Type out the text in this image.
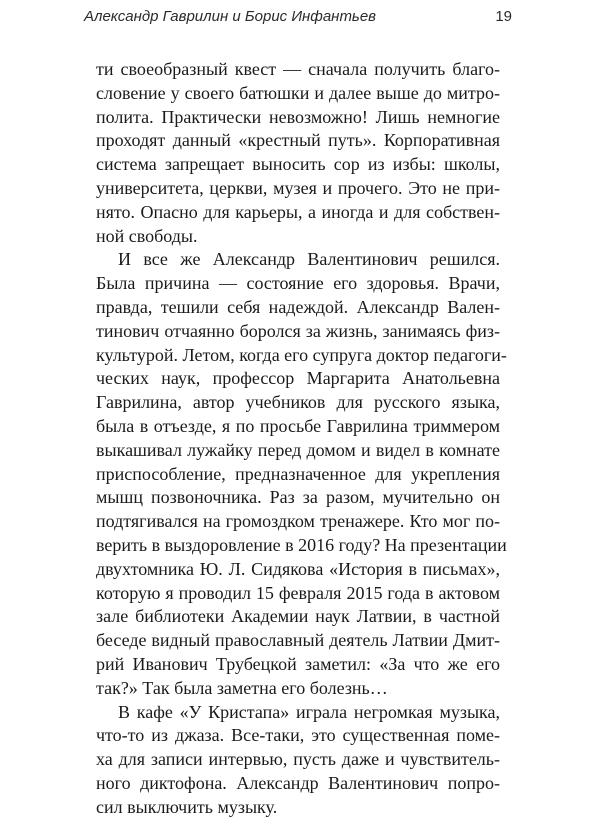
Александр Гаврилин и Борис Инфантьев	19
ти своеобразный квест — сначала получить благо-
словение у своего батюшки и далее выше до митро-
полита. Практически невозможно! Лишь немногие
проходят данный «крестный путь». Корпоративная
система запрещает выносить сор из избы: школы,
университета, церкви, музея и прочего. Это не при-
нято. Опасно для карьеры, а иногда и для собствен-
ной свободы.
И все же Александр Валентинович решился.
Была причина — состояние его здоровья. Врачи,
правда, тешили себя надеждой. Александр Вален-
тинович отчаянно боролся за жизнь, занимаясь физ-
культурой. Летом, когда его супруга доктор педагоги-
ческих наук, профессор Маргарита Анатольевна
Гаврилина, автор учебников для русского языка,
была в отъезде, я по просьбе Гаврилина триммером
выкашивал лужайку перед домом и видел в комнате
приспособление, предназначенное для укрепления
мышц позвоночника. Раз за разом, мучительно он
подтягивался на громоздком тренажере. Кто мог по-
верить в выздоровление в 2016 году? На презентации
двухтомника Ю. Л. Сидякова «История в письмах»,
которую я проводил 15 февраля 2015 года в актовом
зале библиотеки Академии наук Латвии, в частной
беседе видный православный деятель Латвии Дмит-
рий Иванович Трубецкой заметил: «За что же его
так?» Так была заметна его болезнь…
В кафе «У Кристапа» играла негромкая музыка,
что-то из джаза. Все-таки, это существенная поме-
ха для записи интервью, пусть даже и чувствитель-
ного диктофона. Александр Валентинович попро-
сил выключить музыку.
